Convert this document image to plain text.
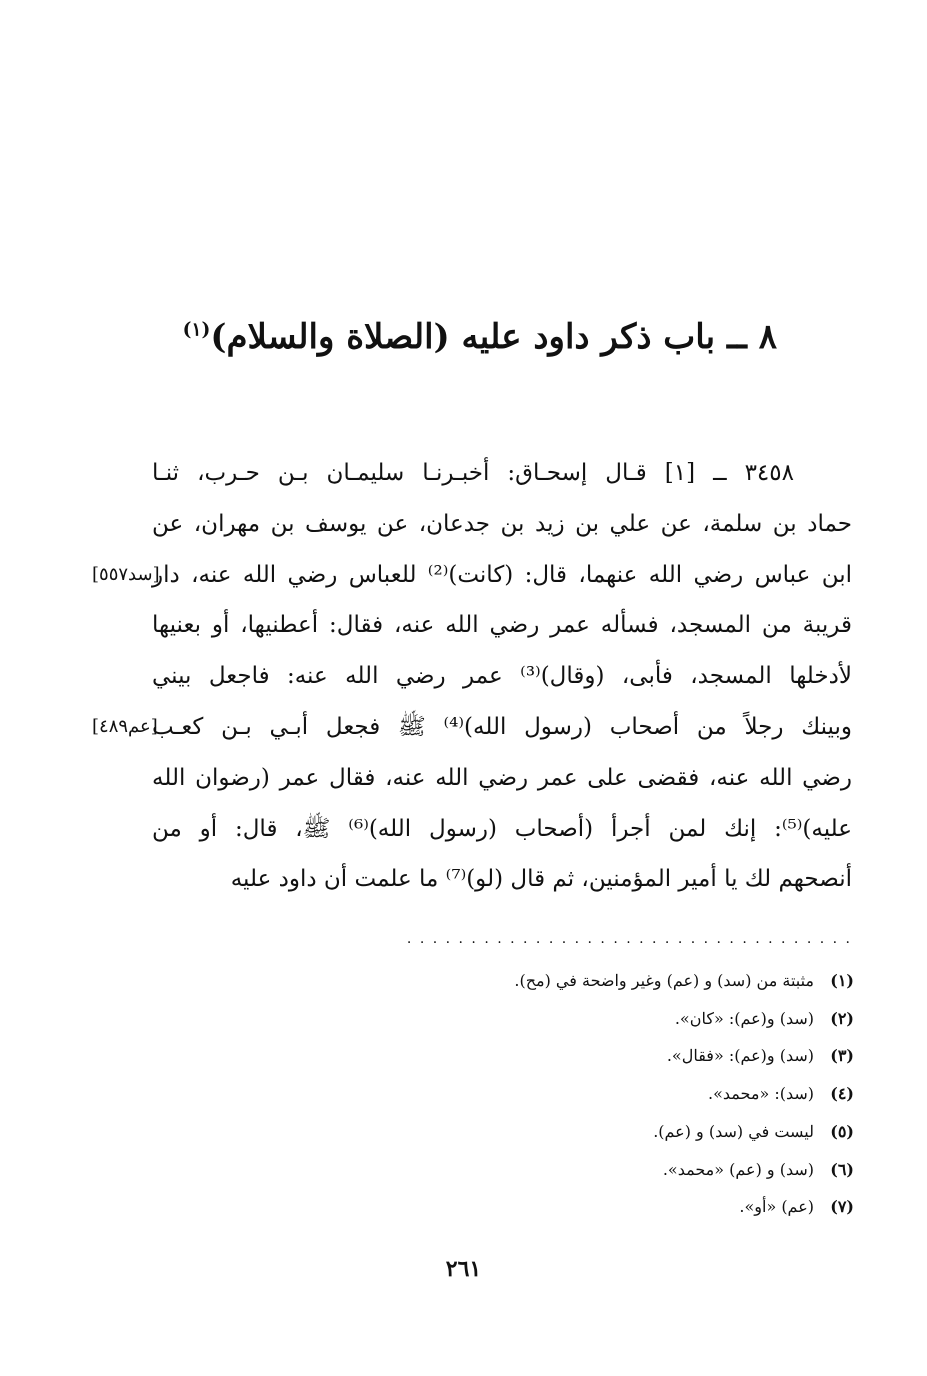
٨ ــ باب ذكر داود عليه (الصلاة والسلام)$^{(١)}$
٣٤٥٨ ــ [١] قـال إسحـاق: أخبـرنـا سليمـان بـن حـرب، ثنـا
حماد بن سلمة، عن علي بن زيد بن جدعان، عن يوسف بن مهران، عن
ابن عباس رضي الله عنهما، قال: (كانت)⁽²⁾ للعباس رضي الله عنه، دار
[سد٥٥٧]
قريبة من المسجد، فسأله عمر رضي الله عنه، فقال: أعطنيها، أو بعنيها
لأدخلها المسجد، فأبى، (وقال)⁽³⁾ عمر رضي الله عنه: فاجعل بيني
وبينك رجلاً من أصحاب (رسول الله)⁽⁴⁾ ﷺ فجعل أبـي بـن كعـب
[عم٤٨٩]
رضي الله عنه، فقضى على عمر رضي الله عنه، فقال عمر (رضوان الله
عليه)⁽⁵⁾: إنك لمن أجرأ (أصحاب (رسول الله)⁽⁶⁾ ﷺ، قال: أو من
أنصحهم لك يا أمير المؤمنين، ثم قال (لو)⁽⁷⁾ ما علمت أن داود عليه
. . . . . . . . . . . . . . . . . . . . . . . . . . . . . . . . . . .
(١)مثبتة من (سد) و (عم) وغير واضحة في (مح).
(٢)(سد) و(عم): «كان».
(٣)(سد) و(عم): «فقال».
(٤)(سد): «محمد».
(٥)ليست في (سد) و (عم).
(٦)(سد) و (عم) «محمد».
(٧)(عم) «أو».
٢٦١
